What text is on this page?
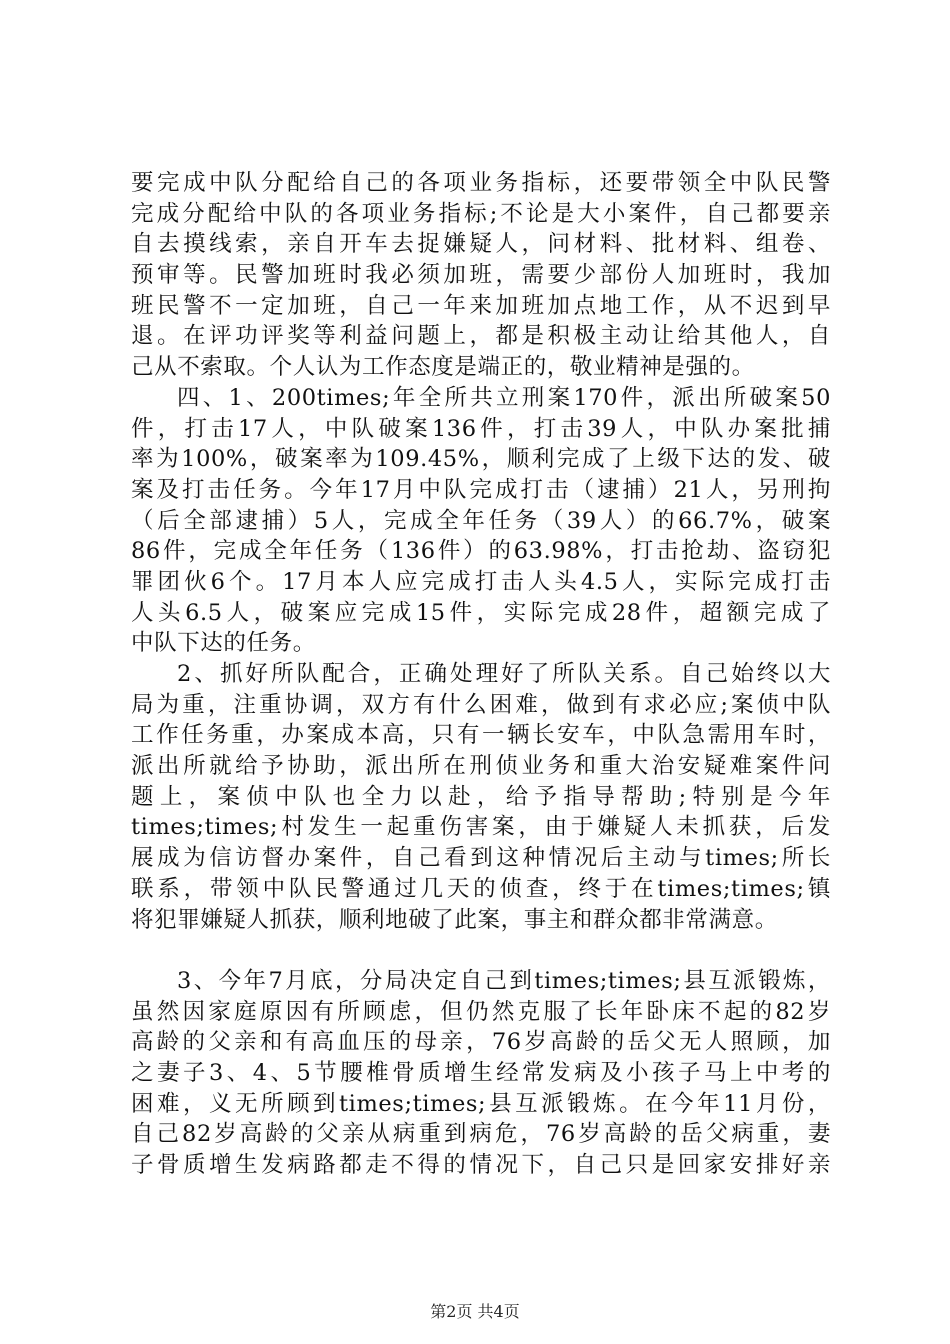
要完成中队分配给自己的各项业务指标，还要带领全中队民警
完成分配给中队的各项业务指标;不论是大小案件，自己都要亲
自去摸线索，亲自开车去捉嫌疑人，问材料、批材料、组卷、
预审等。民警加班时我必须加班，需要少部份人加班时，我加
班民警不一定加班，自己一年来加班加点地工作，从不迟到早
退。在评功评奖等利益问题上，都是积极主动让给其他人，自
己从不索取。个人认为工作态度是端正的，敬业精神是强的。
四、1、200times;年全所共立刑案170件，派出所破案50
件，打击17人，中队破案136件，打击39人，中队办案批捕
率为100%，破案率为109.45%，顺利完成了上级下达的发、破
案及打击任务。今年17月中队完成打击（逮捕）21人，另刑拘
（后全部逮捕）5人，完成全年任务（39人）的66.7%，破案
86件，完成全年任务（136件）的63.98%，打击抢劫、盗窃犯
罪团伙6个。17月本人应完成打击人头4.5人，实际完成打击
人头6.5人，破案应完成15件，实际完成28件，超额完成了
中队下达的任务。
2、抓好所队配合，正确处理好了所队关系。自己始终以大
局为重，注重协调，双方有什么困难，做到有求必应;案侦中队
工作任务重，办案成本高，只有一辆长安车，中队急需用车时，
派出所就给予协助，派出所在刑侦业务和重大治安疑难案件问
题上，案侦中队也全力以赴，给予指导帮助;特别是今年
times;times;村发生一起重伤害案，由于嫌疑人未抓获，后发
展成为信访督办案件，自己看到这种情况后主动与times;所长
联系，带领中队民警通过几天的侦查，终于在times;times;镇
将犯罪嫌疑人抓获，顺利地破了此案，事主和群众都非常满意。
3、今年7月底，分局决定自己到times;times;县互派锻炼，
虽然因家庭原因有所顾虑，但仍然克服了长年卧床不起的82岁
高龄的父亲和有高血压的母亲，76岁高龄的岳父无人照顾，加
之妻子3、4、5节腰椎骨质增生经常发病及小孩子马上中考的
困难，义无所顾到times;times;县互派锻炼。在今年11月份，
自己82岁高龄的父亲从病重到病危，76岁高龄的岳父病重，妻
子骨质增生发病路都走不得的情况下，自己只是回家安排好亲
第2页 共4页
